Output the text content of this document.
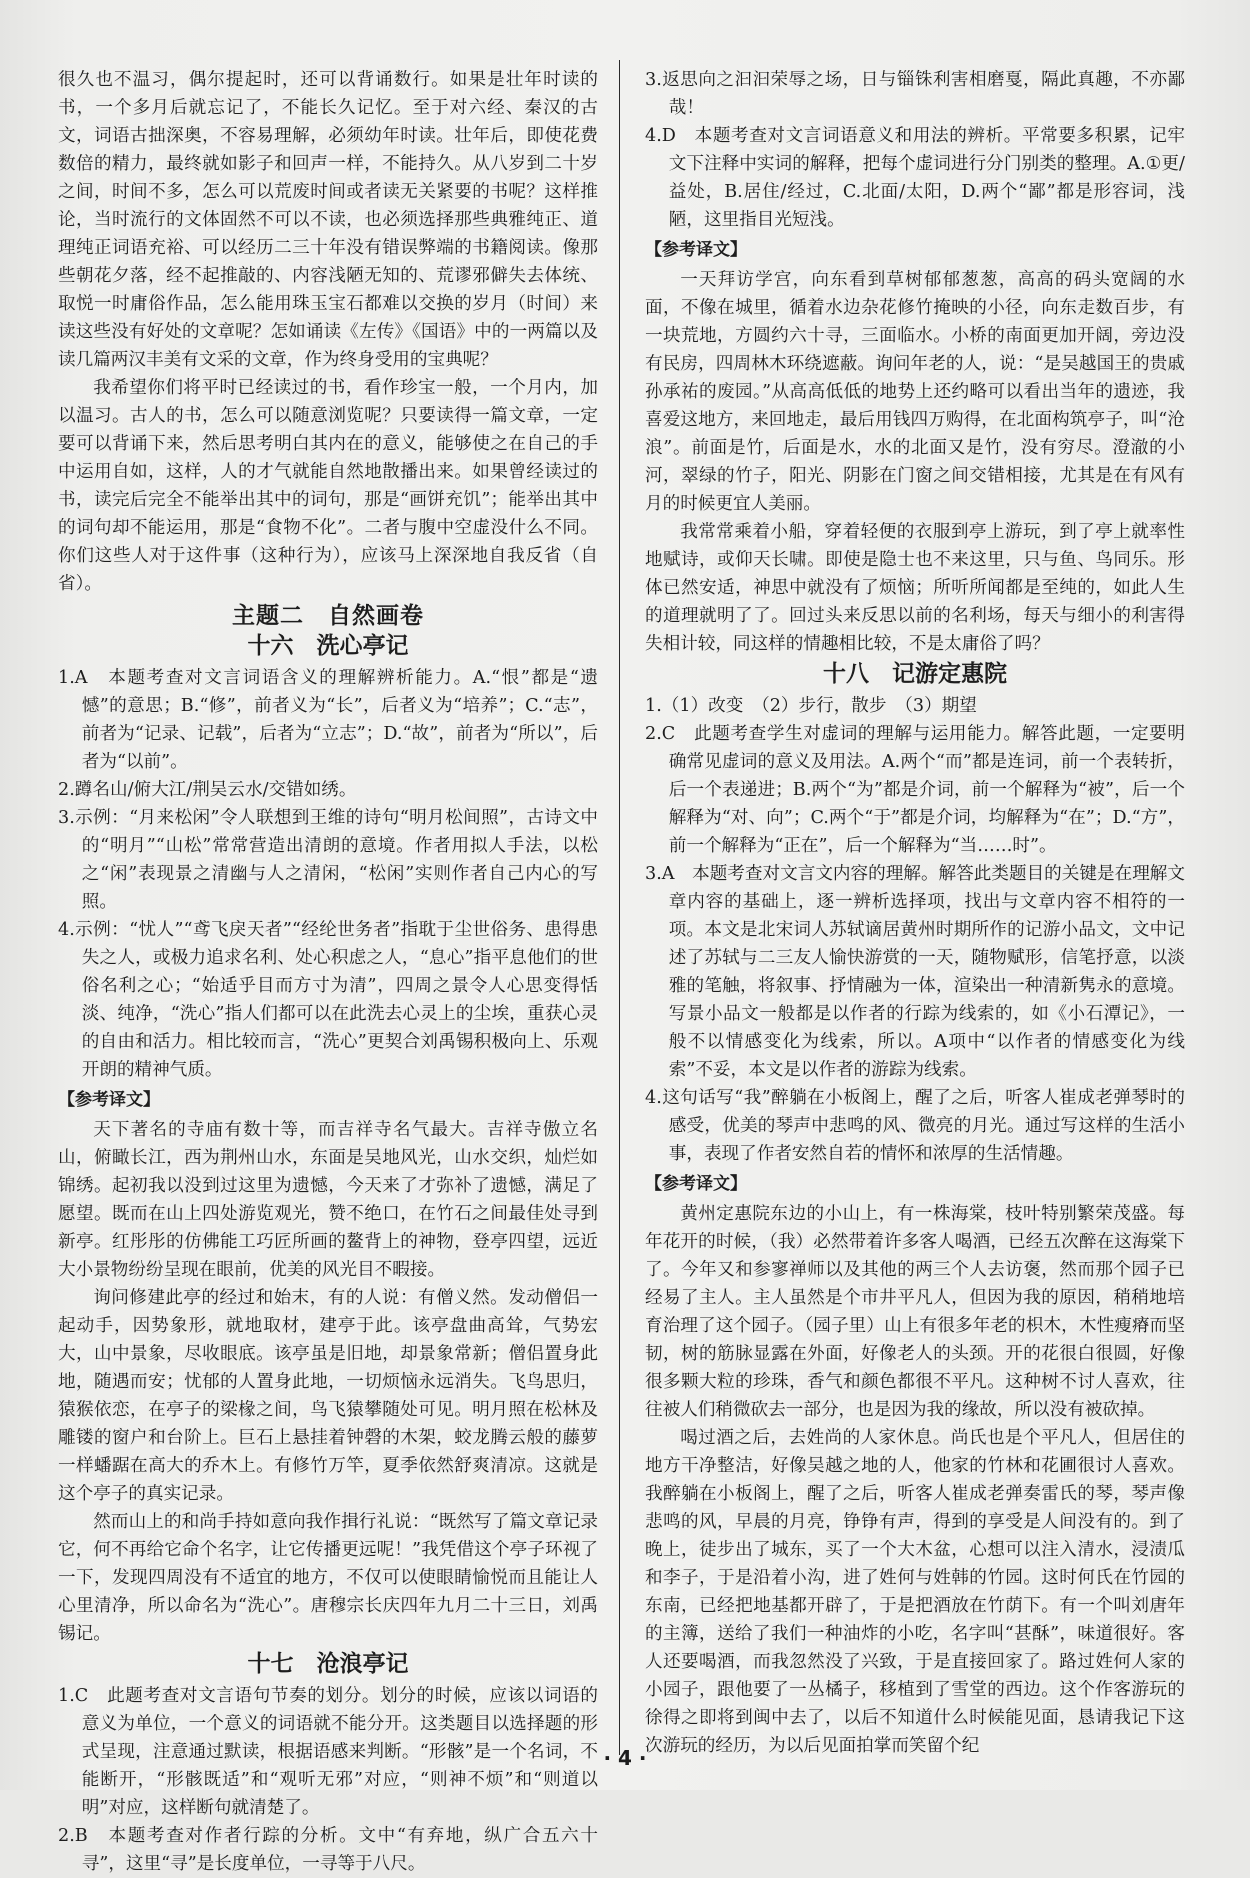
很久也不温习，偶尔提起时，还可以背诵数行。如果是壮年时读的书，一个多月后就忘记了，不能长久记忆。至于对六经、秦汉的古文，词语古拙深奥，不容易理解，必须幼年时读。壮年后，即使花费数倍的精力，最终就如影子和回声一样，不能持久。从八岁到二十岁之间，时间不多，怎么可以荒废时间或者读无关紧要的书呢？这样推论，当时流行的文体固然不可以不读，也必须选择那些典雅纯正、道理纯正词语充裕、可以经历二三十年没有错误弊端的书籍阅读。像那些朝花夕落，经不起推敲的、内容浅陋无知的、荒谬邪僻失去体统、取悦一时庸俗作品，怎么能用珠玉宝石都难以交换的岁月（时间）来读这些没有好处的文章呢？怎如诵读《左传》《国语》中的一两篇以及读几篇两汉丰美有文采的文章，作为终身受用的宝典呢？

我希望你们将平时已经读过的书，看作珍宝一般，一个月内，加以温习。古人的书，怎么可以随意浏览呢？只要读得一篇文章，一定要可以背诵下来，然后思考明白其内在的意义，能够使之在自己的手中运用自如，这样，人的才气就能自然地散播出来。如果曾经读过的书，读完后完全不能举出其中的词句，那是“画饼充饥”；能举出其中的词句却不能运用，那是“食物不化”。二者与腹中空虚没什么不同。你们这些人对于这件事（这种行为），应该马上深深地自我反省（自省）。

主题二　自然画卷
十六　洗心亭记

1.A　本题考查对文言词语含义的理解辨析能力。A.“恨”都是“遗憾”的意思；B.“修”，前者义为“长”，后者义为“培养”；C.“志”，前者为“记录、记载”，后者为“立志”；D.“故”，前者为“所以”，后者为“以前”。

2.蹲名山/俯大江/荆吴云水/交错如绣。

3.示例：“月来松闲”令人联想到王维的诗句“明月松间照”，古诗文中的“明月”“山松”常常营造出清朗的意境。作者用拟人手法，以松之“闲”表现景之清幽与人之清闲，“松闲”实则作者自己内心的写照。

4.示例：“忧人”“鸢飞戾天者”“经纶世务者”指耽于尘世俗务、患得患失之人，或极力追求名利、处心积虑之人，“息心”指平息他们的世俗名利之心；“始适乎目而方寸为清”，四周之景令人心思变得恬淡、纯净，“洗心”指人们都可以在此洗去心灵上的尘埃，重获心灵的自由和活力。相比较而言，“洗心”更契合刘禹锡积极向上、乐观开朗的精神气质。

【参考译文】

天下著名的寺庙有数十等，而吉祥寺名气最大。吉祥寺傲立名山，俯瞰长江，西为荆州山水，东面是吴地风光，山水交织，灿烂如锦绣。起初我以没到过这里为遗憾，今天来了才弥补了遗憾，满足了愿望。既而在山上四处游览观光，赞不绝口，在竹石之间最佳处寻到新亭。红彤彤的仿佛能工巧匠所画的鳌背上的神物，登亭四望，远近大小景物纷纷呈现在眼前，优美的风光目不暇接。

询问修建此亭的经过和始末，有的人说：有僧义然。发动僧侣一起动手，因势象形，就地取材，建亭于此。该亭盘曲高耸，气势宏大，山中景象，尽收眼底。该亭虽是旧地，却景象常新；僧侣置身此地，随遇而安；忧郁的人置身此地，一切烦恼永远消失。飞鸟思归，猿猴依恋，在亭子的梁椽之间，鸟飞猿攀随处可见。明月照在松林及雕镂的窗户和台阶上。巨石上悬挂着钟磬的木架，蛟龙腾云般的藤萝一样蟠踞在高大的乔木上。有修竹万竿，夏季依然舒爽清凉。这就是这个亭子的真实记录。

然而山上的和尚手持如意向我作揖行礼说：“既然写了篇文章记录它，何不再给它命个名字，让它传播更远呢！”我凭借这个亭子环视了一下，发现四周没有不适宜的地方，不仅可以使眼睛愉悦而且能让人心里清净，所以命名为“洗心”。唐穆宗长庆四年九月二十三日，刘禹锡记。

十七　沧浪亭记

1.C　此题考查对文言语句节奏的划分。划分的时候，应该以词语的意义为单位，一个意义的词语就不能分开。这类题目以选择题的形式呈现，注意通过默读，根据语感来判断。“形骸”是一个名词，不能断开，“形骸既适”和“观听无邪”对应，“则神不烦”和“则道以明”对应，这样断句就清楚了。

2.B　本题考查对作者行踪的分析。文中“有弃地，纵广合五六十寻”，这里“寻”是长度单位，一寻等于八尺。

3.返思向之汩汩荣辱之场，日与锱铢利害相磨戛，隔此真趣，不亦鄙哉！

4.D　本题考查对文言词语意义和用法的辨析。平常要多积累，记牢文下注释中实词的解释，把每个虚词进行分门别类的整理。A.①更/益处，B.居住/经过，C.北面/太阳，D.两个“鄙”都是形容词，浅陋，这里指目光短浅。

【参考译文】

一天拜访学宫，向东看到草树郁郁葱葱，高高的码头宽阔的水面，不像在城里，循着水边杂花修竹掩映的小径，向东走数百步，有一块荒地，方圆约六十寻，三面临水。小桥的南面更加开阔，旁边没有民房，四周林木环绕遮蔽。询问年老的人，说：“是吴越国王的贵戚孙承祐的废园。”从高高低低的地势上还约略可以看出当年的遗迹，我喜爱这地方，来回地走，最后用钱四万购得，在北面构筑亭子，叫“沧浪”。前面是竹，后面是水，水的北面又是竹，没有穷尽。澄澈的小河，翠绿的竹子，阳光、阴影在门窗之间交错相接，尤其是在有风有月的时候更宜人美丽。

我常常乘着小船，穿着轻便的衣服到亭上游玩，到了亭上就率性地赋诗，或仰天长啸。即使是隐士也不来这里，只与鱼、鸟同乐。形体已然安适，神思中就没有了烦恼；所听所闻都是至纯的，如此人生的道理就明了了。回过头来反思以前的名利场，每天与细小的利害得失相计较，同这样的情趣相比较，不是太庸俗了吗？

十八　记游定惠院

1.（1）改变　（2）步行，散步　（3）期望

2.C　此题考查学生对虚词的理解与运用能力。解答此题，一定要明确常见虚词的意义及用法。A.两个“而”都是连词，前一个表转折，后一个表递进；B.两个“为”都是介词，前一个解释为“被”，后一个解释为“对、向”；C.两个“于”都是介词，均解释为“在”；D.“方”，前一个解释为“正在”，后一个解释为“当……时”。

3.A　本题考查对文言文内容的理解。解答此类题目的关键是在理解文章内容的基础上，逐一辨析选择项，找出与文章内容不相符的一项。本文是北宋词人苏轼谪居黄州时期所作的记游小品文，文中记述了苏轼与二三友人愉快游赏的一天，随物赋形，信笔抒意，以淡雅的笔触，将叙事、抒情融为一体，渲染出一种清新隽永的意境。写景小品文一般都是以作者的行踪为线索的，如《小石潭记》，一般不以情感变化为线索，所以。A项中“以作者的情感变化为线索”不妥，本文是以作者的游踪为线索。

4.这句话写“我”醉躺在小板阁上，醒了之后，听客人崔成老弹琴时的感受，优美的琴声中悲鸣的风、微亮的月光。通过写这样的生活小事，表现了作者安然自若的情怀和浓厚的生活情趣。

【参考译文】

黄州定惠院东边的小山上，有一株海棠，枝叶特别繁荣茂盛。每年花开的时候，（我）必然带着许多客人喝酒，已经五次醉在这海棠下了。今年又和参寥禅师以及其他的两三个人去访褒，然而那个园子已经易了主人。主人虽然是个市井平凡人，但因为我的原因，稍稍地培育治理了这个园子。（园子里）山上有很多年老的枳木，木性瘦瘠而坚韧，树的筋脉显露在外面，好像老人的头颈。开的花很白很圆，好像很多颗大粒的珍珠，香气和颜色都很不平凡。这种树不讨人喜欢，往往被人们稍微砍去一部分，也是因为我的缘故，所以没有被砍掉。

喝过酒之后，去姓尚的人家休息。尚氏也是个平凡人，但居住的地方干净整洁，好像吴越之地的人，他家的竹林和花圃很讨人喜欢。我醉躺在小板阁上，醒了之后，听客人崔成老弹奏雷氏的琴，琴声像悲鸣的风，早晨的月亮，铮铮有声，得到的享受是人间没有的。到了晚上，徒步出了城东，买了一个大木盆，心想可以注入清水，浸渍瓜和李子，于是沿着小沟，进了姓何与姓韩的竹园。这时何氏在竹园的东南，已经把地基都开辟了，于是把酒放在竹荫下。有一个叫刘唐年的主簿，送给了我们一种油炸的小吃，名字叫“甚酥”，味道很好。客人还要喝酒，而我忽然没了兴致，于是直接回家了。路过姓何人家的小园子，跟他要了一丛橘子，移植到了雪堂的西边。这个作客游玩的徐得之即将到闽中去了，以后不知道什么时候能见面，恳请我记下这次游玩的经历，为以后见面拍掌而笑留个纪

· 4 ·
